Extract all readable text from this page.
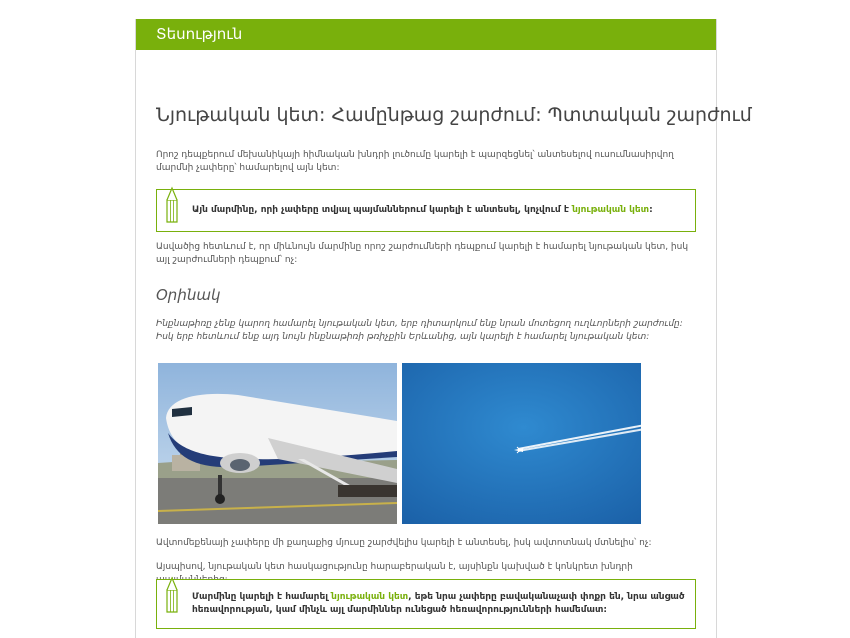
Տեսություն
Նյութական կետ: Համընթաց շարժում: Պտտական շարժում

Որոշ դեպքերում մեխանիկայի հիմնական խնդրի լուծումը կարելի է պարզեցնել՝ անտեսելով ուսումնասիրվող մարմնի չափերը՝ համարելով այն կետ:

Այն մարմինը, որի չափերը տվյալ պայմաններում կարելի է անտեսել, կոչվում է նյութական կետ:

Ասվածից հետևում է, որ միևնույն մարմինը որոշ շարժումների դեպքում կարելի է համարել նյութական կետ, իսկ այլ շարժումների դեպքում՝ ոչ:

Օրինակ

Ինքնաթիռը չենք կարող համարել նյութական կետ, երբ դիտարկում ենք նրան մոտեցող ուղևորների շարժումը: Իսկ երբ հետևում ենք այդ նույն ինքնաթիռի թռիչքին Երևանից, այն կարելի է համարել նյութական կետ:

Ավտոմեքենայի չափերը մի քաղաքից մյուսը շարժվելիս կարելի է անտեսել, իսկ ավտոտնակ մտնելիս՝ ոչ:

Այսպիսով, նյութական կետ հասկացությունը հարաբերական է, այսինքն կախված է կոնկրետ խնդրի

Մարմինը կարելի է համարել նյութական կետ, եթե նրա չափերը բավականաչափ փոքր են, նրա անցած հեռավորության, կամ մինչև այլ մարմիններ ունեցած հեռավորությունների համեմատ:
